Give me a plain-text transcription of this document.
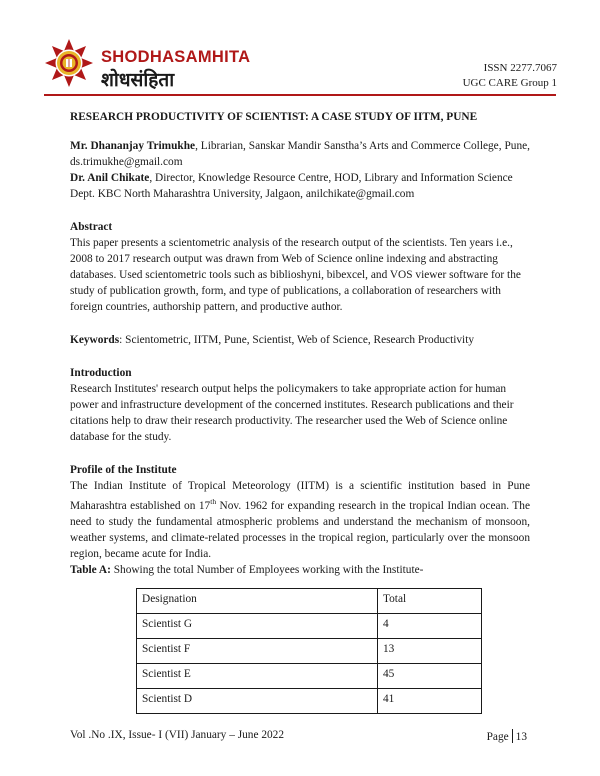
SHODHASAMHITA
शोधसंहिता
ISSN 2277.7067
UGC CARE Group 1
RESEARCH PRODUCTIVITY OF SCIENTIST: A CASE STUDY OF IITM, PUNE

Mr. Dhananjay Trimukhe, Librarian, Sanskar Mandir Sanstha’s Arts and Commerce College, Pune, ds.trimukhe@gmail.com

Dr. Anil Chikate, Director, Knowledge Resource Centre, HOD, Library and Information Science Dept. KBC North Maharashtra University, Jalgaon, anilchikate@gmail.com

Abstract

This paper presents a scientometric analysis of the research output of the scientists. Ten years i.e., 2008 to 2017 research output was drawn from Web of Science online indexing and abstracting databases. Used scientometric tools such as biblioshyni, bibexcel, and VOS viewer software for the study of publication growth, form, and type of publications, a collaboration of researchers with foreign countries, authorship pattern, and productive author.

Keywords: Scientometric, IITM, Pune, Scientist, Web of Science, Research Productivity

Introduction

Research Institutes' research output helps the policymakers to take appropriate action for human power and infrastructure development of the concerned institutes. Research publications and their citations help to draw their research productivity. The researcher used the Web of Science online database for the study.

Profile of the Institute

The Indian Institute of Tropical Meteorology (IITM) is a scientific institution based in Pune Maharashtra established on 17th Nov. 1962 for expanding research in the tropical Indian ocean. The need to study the fundamental atmospheric problems and understand the mechanism of monsoon, weather systems, and climate-related processes in the tropical region, particularly over the monsoon region, became acute for India.

Table A: Showing the total Number of Employees working with the Institute-

Designation	Total
Scientist G	4
Scientist F	13
Scientist E	45
Scientist D	41
Vol .No .IX, Issue- I (VII) January – June 2022	Page 13
